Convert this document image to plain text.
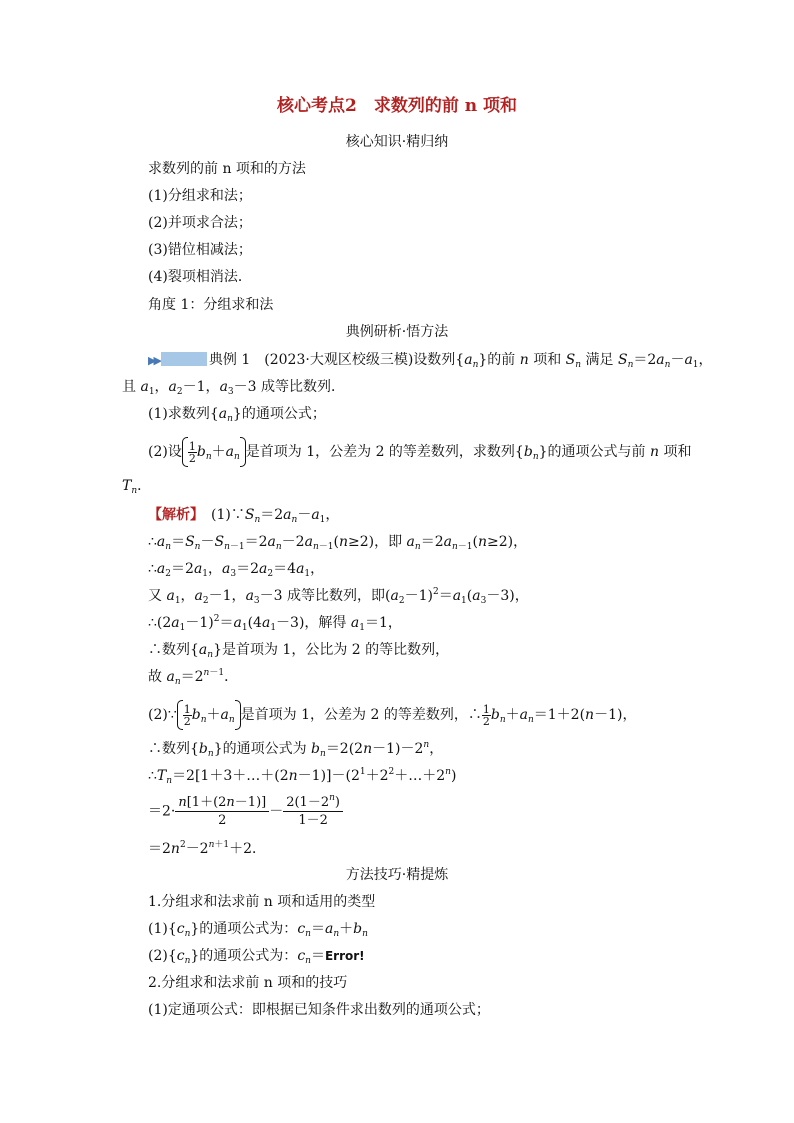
核心考点2　求数列的前 n 项和
核心知识·精归纳
求数列的前 n 项和的方法
(1)分组求和法；
(2)并项求合法；
(3)错位相减法；
(4)裂项相消法．
角度 1：分组求和法
典例研析·悟方法
▶▶	典例 1　 (2023·大观区校级三模)设数列$\{a_n\}$的前 n 项和 $S_n$ 满足 $S_n=2a_n-a_1$，
且 $a_1$，$a_2-1$，$a_3-3$ 成等比数列．
(1)求数列$\{a_n\}$的通项公式；
(2)设 $\frac{1}{2} b_n+a_n$ 是首项为 1，公差为 2 的等差数列，求数列$\{b_n\}$的通项公式与前 n 项和
$T_n$．
【解析】　$(1)\because S_n=2a_n-a_1$，
$\therefore a_n=S_n-S_{n-1}=2a_n-2a_{n-1}(n\ge 2)$，即 $a_n=2a_{n-1}(n\ge 2)$，
$\therefore a_2=2a_1$，$a_3=2a_2=4a_1$，
又 $a_1$，$a_2-1$，$a_3-3$ 成等比数列，即$(a_2-1)^2=a_1(a_3-3)$，
$\therefore(2a_1-1)^2=a_1(4a_1-3)$，解得 $a_1=1$，
∴数列$\{a_n\}$是首项为 1，公比为 2 的等比数列，
故 $a_n=2^{n-1}$．
(2)∵ $\frac{1}{2} b_n+a_n$ 是首项为 1，公差为 2 的等差数列，∴ $\frac{1}{2} b_n+a_n=1+2(n-1)$，
∴数列$\{b_n\}$的通项公式为 $b_n=2(2n-1)-2^n$，
$\therefore T_n=2[1+3+\dots+(2n-1)]-(2^1+2^2+\dots+2^n)$
$=2\cdot \frac{n[1+(2n-1)]}{2} - \frac{2(1-2^n)}{1-2}$
$=2n^2-2^{n+1}+2$．
方法技巧·精提炼
1.分组求和法求前 n 项和适用的类型
$(1)\{c_n\}$的通项公式为：$c_n=a_n+b_n$
$(2)\{c_n\}$的通项公式为：$c_n=Error$!
2.分组求和法求前 n 项和的技巧
(1)定通项公式：即根据已知条件求出数列的通项公式；
